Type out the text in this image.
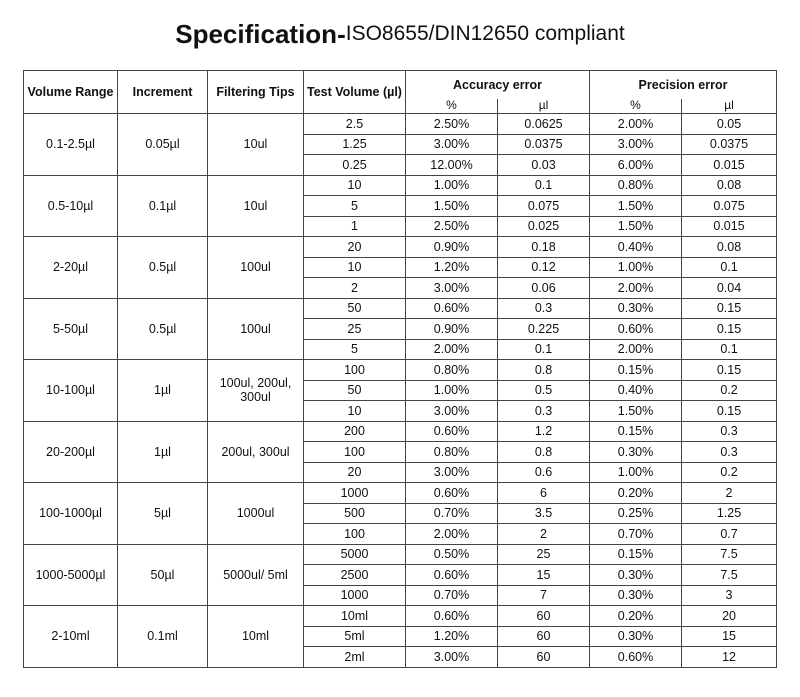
Specification- ISO8655/DIN12650 compliant
Volume Range	Increment	Filtering Tips	Test Volume (µl)	Accuracy error		Precision error	
				%	µl	%	µl
0.1-2.5µl	0.05µl	10ul	2.5	2.50%	0.0625	2.00%	0.05
			1.25	3.00%	0.0375	3.00%	0.0375
			0.25	12.00%	0.03	6.00%	0.015
0.5-10µl	0.1µl	10ul	10	1.00%	0.1	0.80%	0.08
			5	1.50%	0.075	1.50%	0.075
			1	2.50%	0.025	1.50%	0.015
2-20µl	0.5µl	100ul	20	0.90%	0.18	0.40%	0.08
			10	1.20%	0.12	1.00%	0.1
			2	3.00%	0.06	2.00%	0.04
5-50µl	0.5µl	100ul	50	0.60%	0.3	0.30%	0.15
			25	0.90%	0.225	0.60%	0.15
			5	2.00%	0.1	2.00%	0.1
10-100µl	1µl	100ul, 200ul, 300ul	100	0.80%	0.8	0.15%	0.15
			50	1.00%	0.5	0.40%	0.2
			10	3.00%	0.3	1.50%	0.15
20-200µl	1µl	200ul, 300ul	200	0.60%	1.2	0.15%	0.3
			100	0.80%	0.8	0.30%	0.3
			20	3.00%	0.6	1.00%	0.2
100-1000µl	5µl	1000ul	1000	0.60%	6	0.20%	2
			500	0.70%	3.5	0.25%	1.25
			100	2.00%	2	0.70%	0.7
1000-5000µl	50µl	5000ul/ 5ml	5000	0.50%	25	0.15%	7.5
			2500	0.60%	15	0.30%	7.5
			1000	0.70%	7	0.30%	3
2-10ml	0.1ml	10ml	10ml	0.60%	60	0.20%	20
			5ml	1.20%	60	0.30%	15
			2ml	3.00%	60	0.60%	12
